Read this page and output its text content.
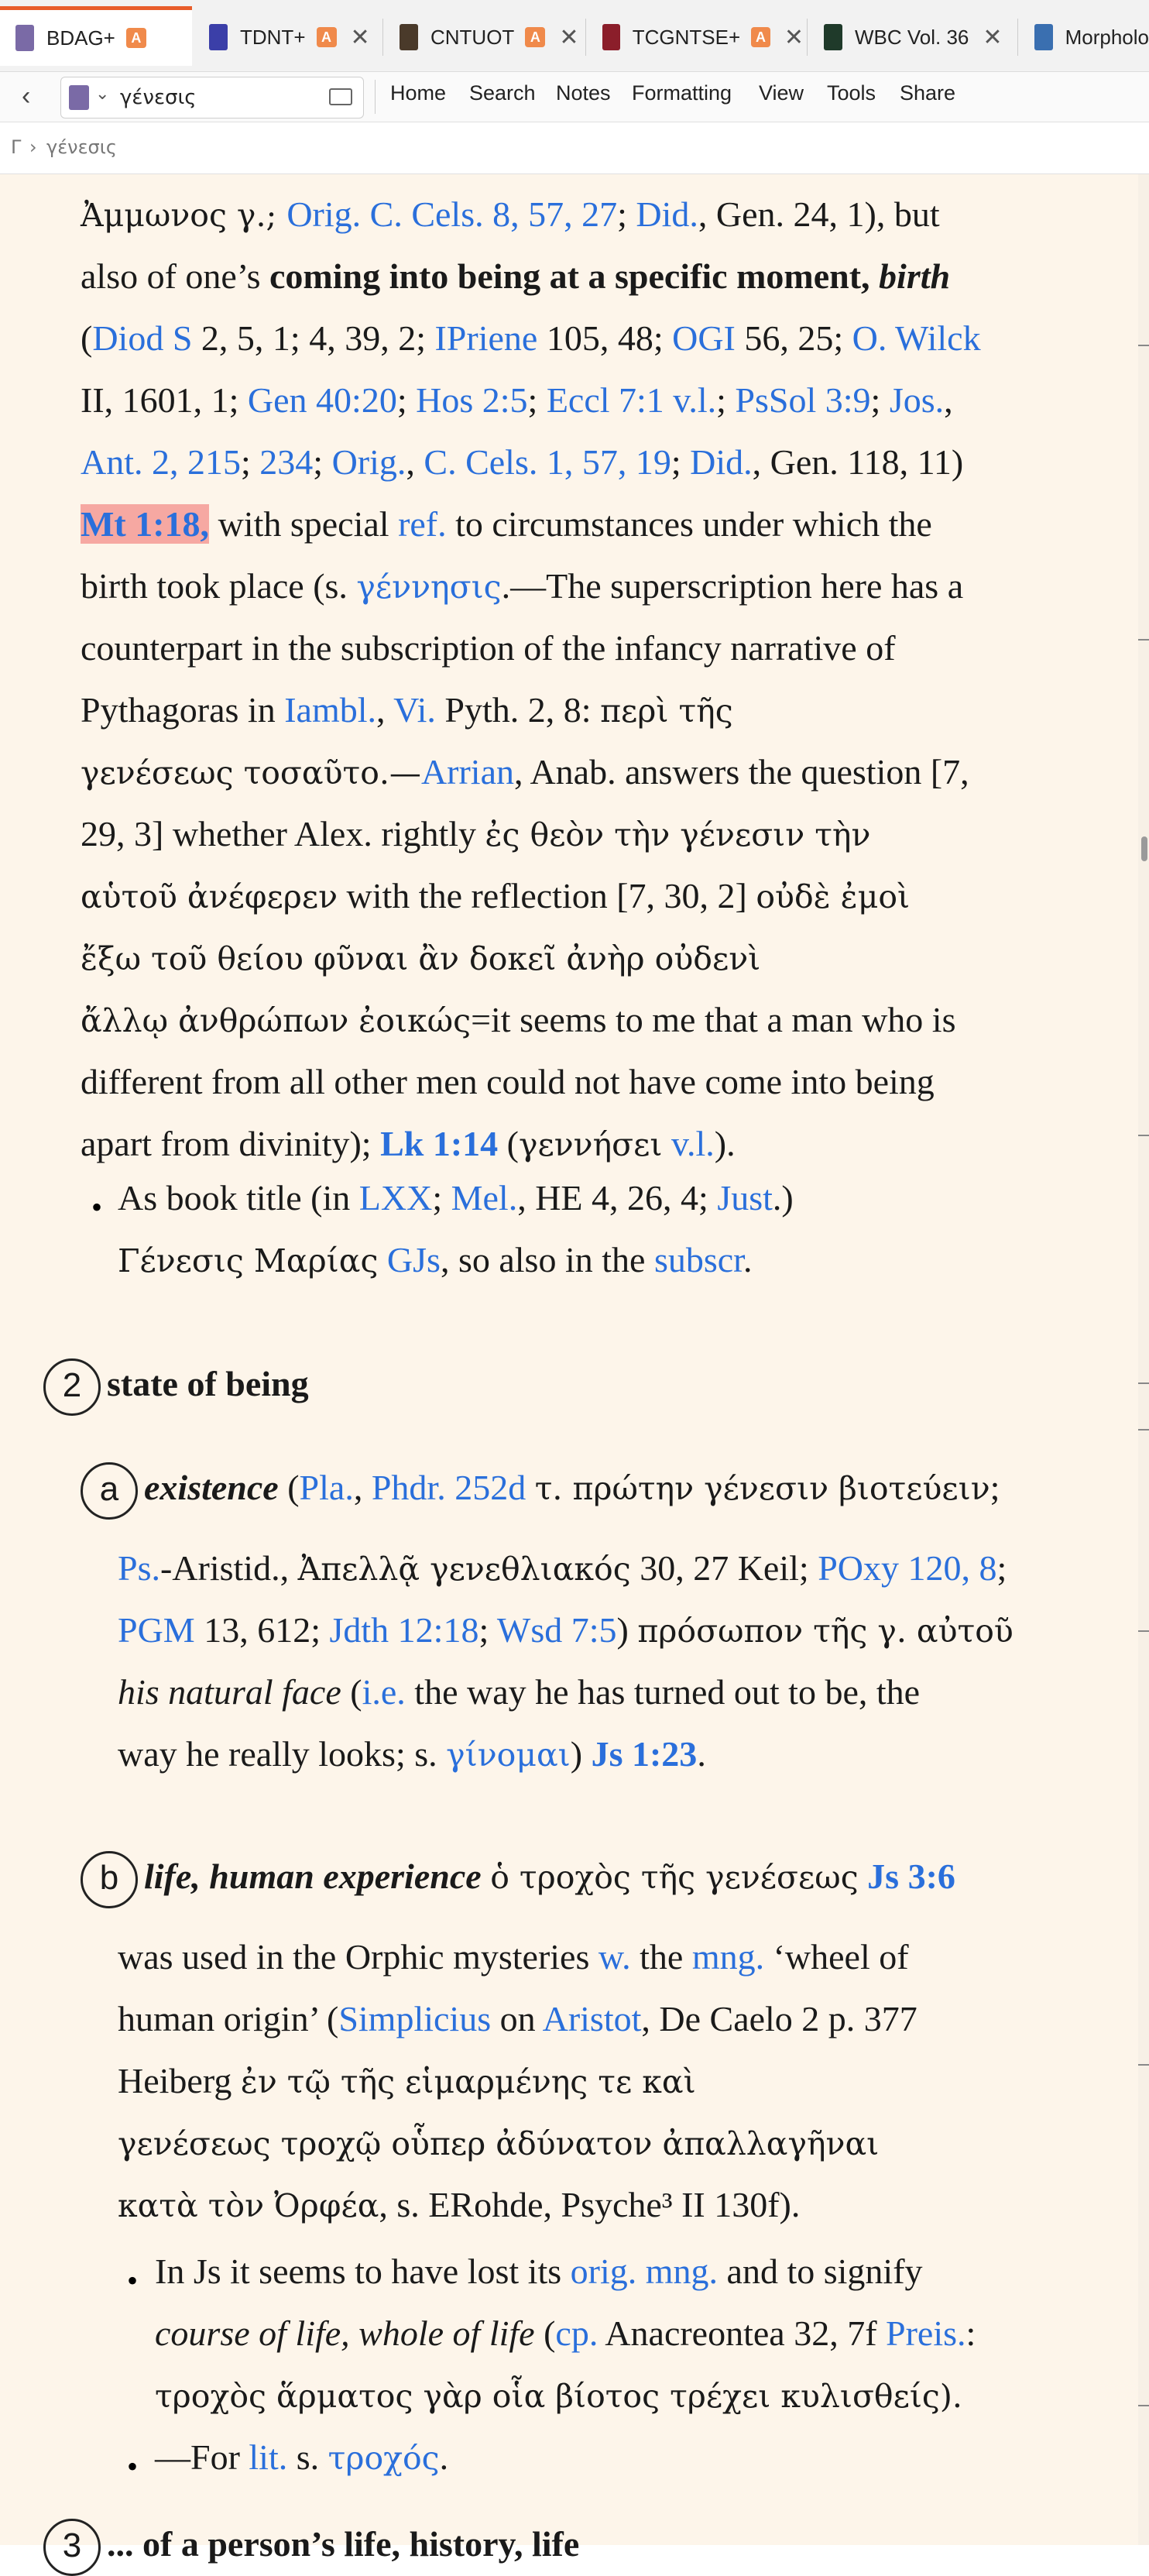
BDAG+	A	TDNT+	A ✕	CNTUOT	A ✕	TCGNTSE+	A ✕	WBC Vol. 36 ✕	Morpholo
‹	⌄ γένεσις	Home Search Notes Formatting View Tools Share
Γ › γένεσις
Ἀμμωνος γ.; Orig. C. Cels. 8, 57, 27; Did., Gen. 24, 1), but
also of one’s coming into being at a specific moment, birth
(Diod S 2, 5, 1; 4, 39, 2; IPriene 105, 48; OGI 56, 25; O. Wilck
II, 1601, 1; Gen 40:20; Hos 2:5; Eccl 7:1 v.l.; PsSol 3:9; Jos.,
Ant. 2, 215; 234; Orig., C. Cels. 1, 57, 19; Did., Gen. 118, 11)
Mt 1:18, with special ref. to circumstances under which the
birth took place (s. γέννησις.—The superscription here has a
counterpart in the subscription of the infancy narrative of
Pythagoras in Iambl., Vi. Pyth. 2, 8: περὶ τῆς
γενέσεως τοσαῦτο.—Arrian, Anab. answers the question [7,
29, 3] whether Alex. rightly ἐς θεὸν τὴν γένεσιν τὴν
αὑτοῦ ἀνέφερεν with the reflection [7, 30, 2] οὐδὲ ἐμοὶ
ἔξω τοῦ θείου φῦναι ἂν δοκεῖ ἀνὴρ οὐδενὶ
ἄλλῳ ἀνθρώπων ἐοικώς=it seems to me that a man who is
different from all other men could not have come into being
apart from divinity); Lk 1:14 (γεννήσει v.l.).
• As book title (in LXX; Mel., HE 4, 26, 4; Just.)
Γένεσις Μαρίας GJs, so also in the subscr.
2 state of being
a existence (Pla., Phdr. 252d τ. πρώτην γένεσιν βιοτεύειν;
Ps.-Aristid., Ἀπελλᾷ γενεθλιακός 30, 27 Keil; POxy 120, 8;
PGM 13, 612; Jdth 12:18; Wsd 7:5) πρόσωπον τῆς γ. αὐτοῦ
his natural face (i.e. the way he has turned out to be, the
way he really looks; s. γίνομαι) Js 1:23.
b life, human experience ὁ τροχὸς τῆς γενέσεως Js 3:6
was used in the Orphic mysteries w. the mng. ‘wheel of
human origin’ (Simplicius on Aristot, De Caelo 2 p. 377
Heiberg ἐν τῷ τῆς εἱμαρμένης τε καὶ
γενέσεως τροχῷ οὗπερ ἀδύνατον ἀπαλλαγῆναι
κατὰ τὸν Ὀρφέα, s. ERohde, Psyche³ II 130f).
• In Js it seems to have lost its orig. mng. and to signify
course of life, whole of life (cp. Anacreontea 32, 7f Preis.:
τροχὸς ἅρματος γὰρ οἷα βίοτος τρέχει κυλισθείς).
• —For lit. s. τροχός.
3 ... of a person’s life, history, life
